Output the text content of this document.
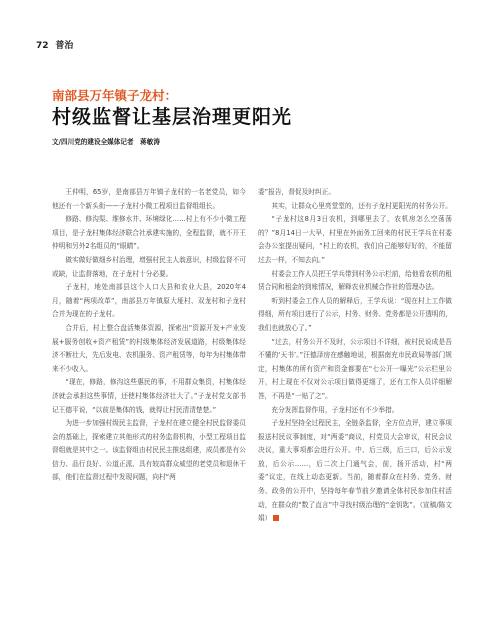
72 普治
南部县万年镇子龙村：
村级监督让基层治理更阳光
文/四川党的建设全媒体记者　蒋敏涛

王仲明，65岁，是南部县万年镇子龙村的一名老党员，如今他还有一个新头衔——子龙村小微工程项目监督组组长。

修路、修沟渠、维修水井、环境绿化……村上有不少小微工程项目，是子龙村集体经济联合社承建实施的，全程监督，就不开王仲明和另外2名组员的“眼睛”。

做实做好做细乡村治理，增强村民主人翁意识，村级监督不可或缺，让监督落地，在子龙村十分必要。

子龙村，地处南部县这个人口大县和农业大县，2020年4月，随着“两项改革”，南部县万年镇原大垭村、双龙村和子龙村合并为现在的子龙村。

合并后，村上整合盘活集体资源，探索出“资源开发+产业发展+服务创收+资产租赁”的村级集体经济发展道路，村级集体经济不断壮大，先后发电、农机服务、资产租赁等，每年为村集体带来不少收入。

“现在，修路，修沟这些惠民的事，不用群众集资，村集体经济就会承担这些事情，还使村集体经济壮大了。”子龙村党支部书记王德平说，“以前是集体的钱，就得让村民清清楚楚。”

为进一步加强村级民主监督，子龙村在建立健全村民监督委员会的基础上，探索建立其他形式的村务监督机构，小型工程项目监督组就是其中之一。该监督组由村民民主推选组建，成员都是有公信力、品行良好、公道正派、具有较高群众威望的老党员和退休干部，他们在监督过程中发现问题，向村“两

委”报告，督促及时纠正。

其实，让群众心里亮堂堂的，还有子龙村更阳光的村务公开。

“子龙村这8月3日农机，到哪里去了，农机房怎么空荡荡的？”8月14日一大早，村里在外面务工回来的村民王学兵在村委会办公室提出疑问，“村上的农机，我们自己能够好好的，不能留过去一样，不知去向。”

村委会工作人员把王学兵带到村务公示栏前，给他看农机的租赁合同和租金的到账情况，解释农业机械合作社的管理办法。

听到村委会工作人员的解释后，王学兵说：“现在村上工作做得细，所有项目进行了公示，村务、财务、党务都是公开透明的，我们也就放心了。”

“过去，村务公开不及时，公示项目不详细，被村民说成是吾不懂的‘天书’。”汪德泽房在感触地说，根据南充市民政局等部门规定，村集体的所有资产和资金都要在“七公开一曝光”公示栏里公开，村上现在不仅对公示项目做得更细了，还有工作人员详细解答，不再是“一贴了之”。

充分发挥监督作用，子龙村还有不少举措。

子龙村坚持全过程民主，全链条监督，全方位点评，建立事项报送村民议事制度，对“两委”商议，村党员大会审议，村民会议决议，重大事项都会进行公开。中、后三级，后三口，后公示发放，后公示……，后二次上门通气会，前，扬开活动，村“两委”议定，在线上动态更新。当前，随着群众在村务、党务、财务、政务的公开中，坚持每年春节前夕邀请全体村民参加住村活动，在群众的“数了直言”中寻找村级治理的“金钥匙”。（宣稿/陈文娟）
